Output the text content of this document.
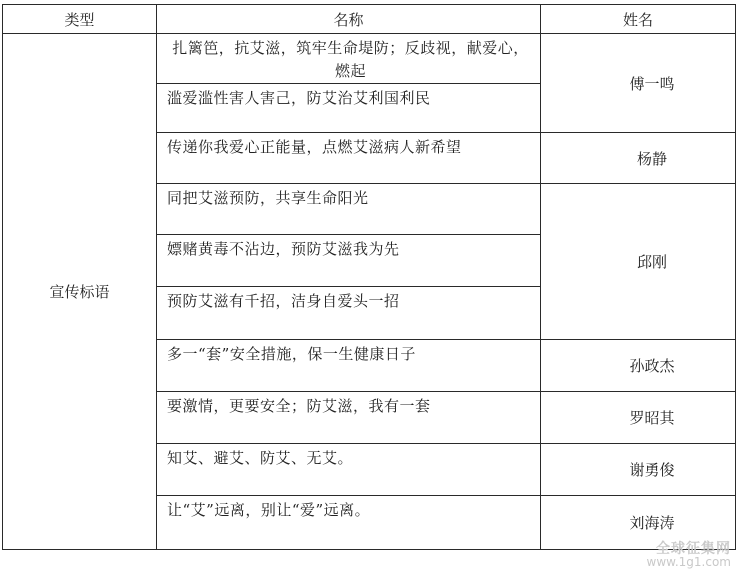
类型	名称	姓名
宣传标语	扎篱笆，抗艾滋，筑牢生命堤防；反歧视，献爱心，燃起	傅一鸣
	滥爱滥性害人害己，防艾治艾利国利民	
	传递你我爱心正能量，点燃艾滋病人新希望	杨静
	同把艾滋预防，共享生命阳光	邱刚
	嫖赌黄毒不沾边，预防艾滋我为先	
	预防艾滋有千招，洁身自爱头一招	
	多一“套”安全措施，保一生健康日子	孙政杰
	要激情，更要安全；防艾滋，我有一套	罗昭其
	知艾、避艾、防艾、无艾。	谢勇俊
	让“艾”远离，别让“爱”远离。	刘海涛
全球征集网
www.1g1.com
